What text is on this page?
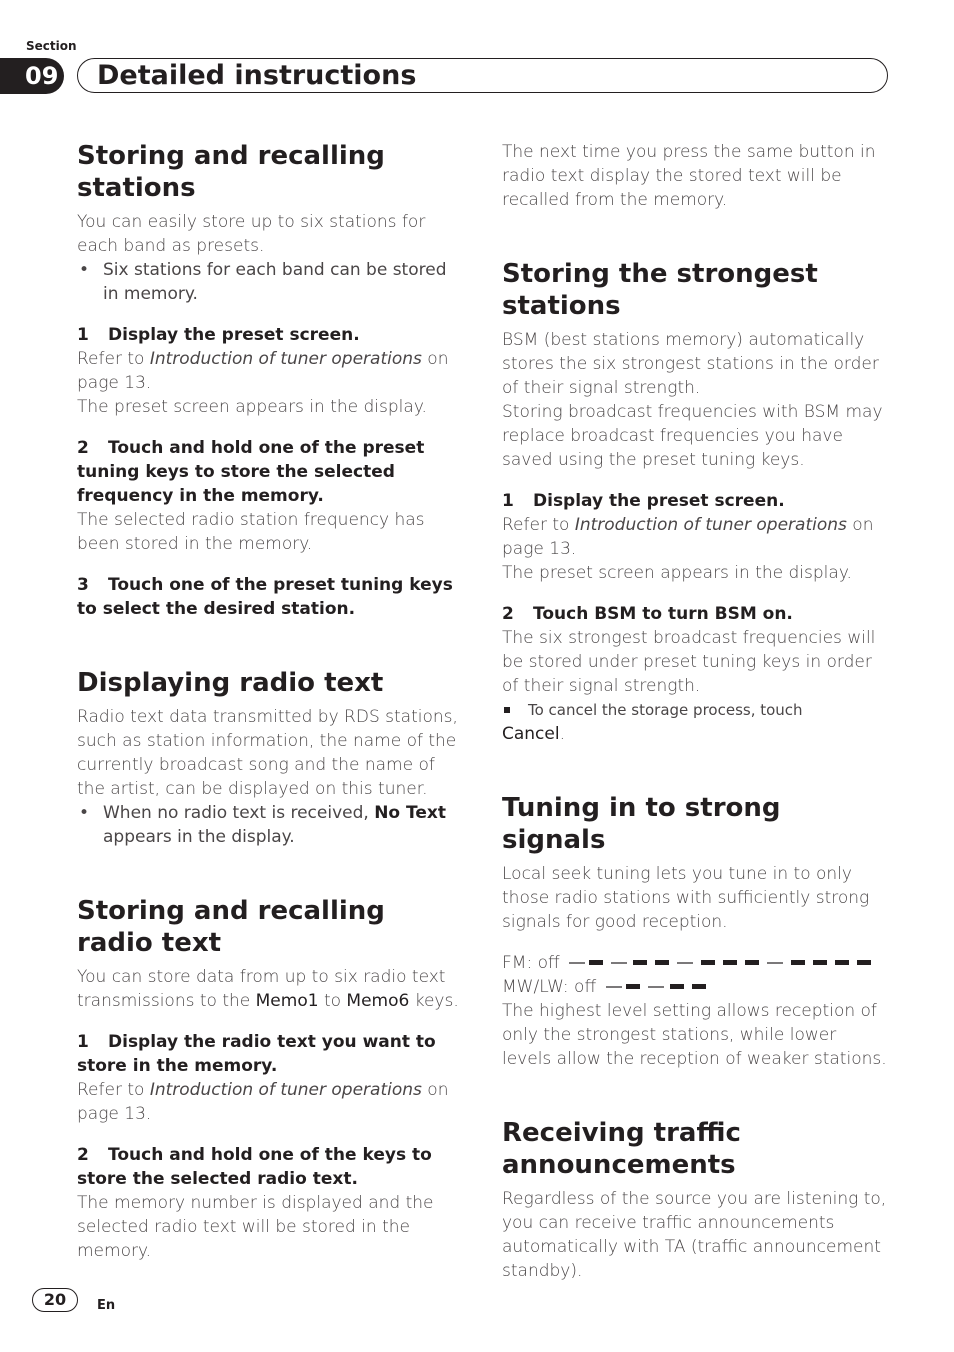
Section
09 Detailed instructions
Storing and recalling stations

You can easily store up to six stations for each band as presets.

• Six stations for each band can be stored in memory.
1 Display the preset screen.

Refer to Introduction of tuner operations on page 13.

The preset screen appears in the display.

2 Touch and hold one of the preset tuning keys to store the selected frequency in the memory.

The selected radio station frequency has been stored in the memory.

3 Touch one of the preset tuning keys to select the desired station.
Displaying radio text

Radio text data transmitted by RDS stations, such as station information, the name of the currently broadcast song and the name of the artist, can be displayed on this tuner.

• When no radio text is received, No Text appears in the display.
Storing and recalling radio text

You can store data from up to six radio text transmissions to the Memo1 to Memo6 keys.

1 Display the radio text you want to store in the memory.

Refer to Introduction of tuner operations on page 13.

2 Touch and hold one of the keys to store the selected radio text.

The memory number is displayed and the selected radio text will be stored in the memory.

The next time you press the same button in radio text display the stored text will be recalled from the memory.

Storing the strongest stations

BSM (best stations memory) automatically stores the six strongest stations in the order of their signal strength.

Storing broadcast frequencies with BSM may replace broadcast frequencies you have saved using the preset tuning keys.

1 Display the preset screen.

Refer to Introduction of tuner operations on page 13.

The preset screen appears in the display.

2 Touch BSM to turn BSM on.

The six strongest broadcast frequencies will be stored under preset tuning keys in order of their signal strength.

To cancel the storage process, touch

Cancel.

Tuning in to strong signals

Local seek tuning lets you tune in to only those radio stations with sufficiently strong signals for good reception.

FM: off

MW/LW: off

The highest level setting allows reception of only the strongest stations, while lower levels allow the reception of weaker stations.

Receiving traffic announcements

Regardless of the source you are listening to, you can receive traffic announcements automatically with TA (traffic announcement standby).

20	En
